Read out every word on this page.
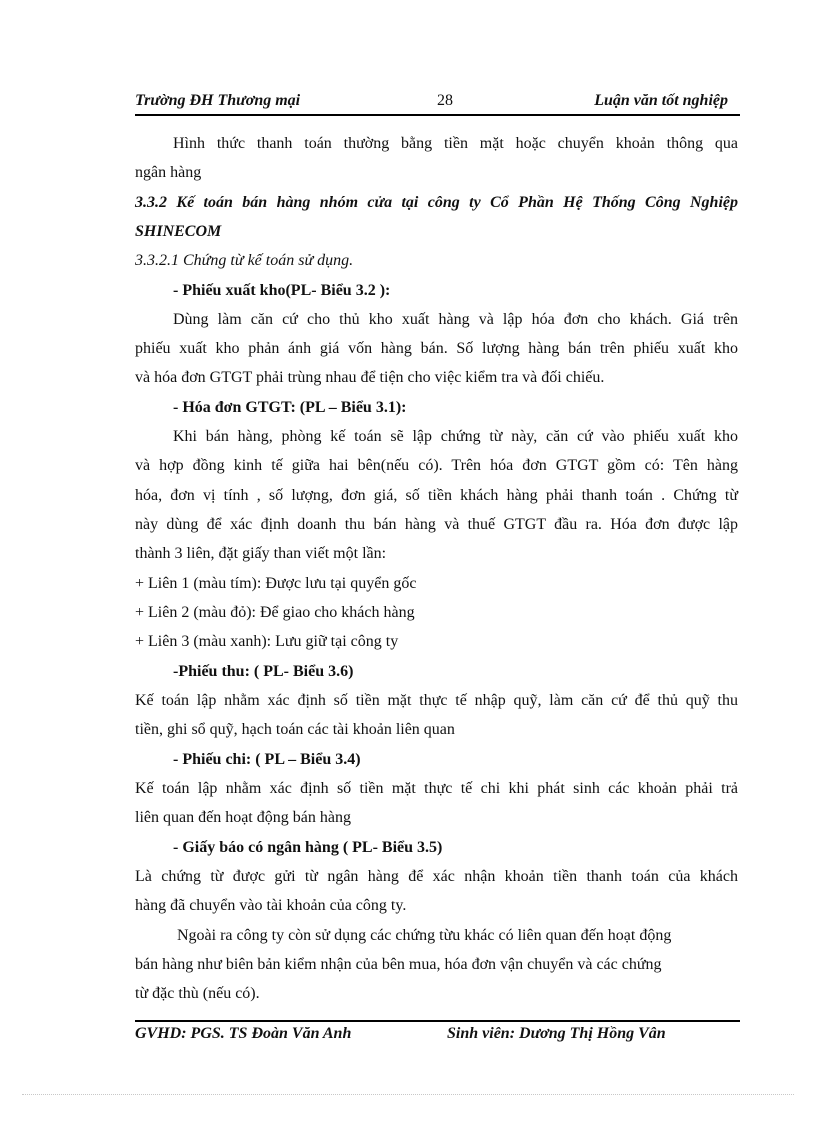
Trường ĐH Thương mại	28	Luận văn tốt nghiệp
Hình thức thanh toán thường bằng tiền mặt hoặc chuyển khoản thông qua
ngân hàng
3.3.2 Kế toán bán hàng nhóm cửa tại công ty Cổ Phần Hệ Thống Công Nghiệp
SHINECOM
3.3.2.1 Chứng từ kế toán sử dụng.
- Phiếu xuất kho(PL- Biểu 3.2 ):
Dùng làm căn cứ cho thủ kho xuất hàng và lập hóa đơn cho khách. Giá trên
phiếu xuất kho phản ánh giá vốn hàng bán. Số lượng hàng bán trên phiếu xuất kho
và hóa đơn GTGT phải trùng nhau để tiện cho việc kiểm tra và đối chiếu.
- Hóa đơn GTGT: (PL – Biểu 3.1):
Khi bán hàng, phòng kế toán sẽ lập chứng từ này, căn cứ vào phiếu xuất kho
và hợp đồng kinh tế giữa hai bên(nếu có). Trên hóa đơn GTGT gồm có: Tên hàng
hóa, đơn vị tính , số lượng, đơn giá, số tiền khách hàng phải thanh toán . Chứng từ
này dùng để xác định doanh thu bán hàng và thuế GTGT đầu ra. Hóa đơn được lập
thành 3 liên, đặt giấy than viết một lần:
+ Liên 1 (màu tím): Được lưu tại quyển gốc
+ Liên 2 (màu đỏ): Để giao cho khách hàng
+ Liên 3 (màu xanh): Lưu giữ tại công ty
-Phiếu thu: ( PL- Biểu 3.6)
Kế toán lập nhằm xác định số tiền mặt thực tế nhập quỹ, làm căn cứ để thủ quỹ thu
tiền, ghi sổ quỹ, hạch toán các tài khoản liên quan
- Phiếu chi: ( PL – Biểu 3.4)
Kế toán lập nhằm xác định số tiền mặt thực tế chi khi phát sinh các khoản phải trả
liên quan đến hoạt động bán hàng
- Giấy báo có ngân hàng ( PL- Biểu 3.5)
Là chứng từ được gửi từ ngân hàng để xác nhận khoản tiền thanh toán của khách
hàng đã chuyển vào tài khoản của công ty.
Ngoài ra công ty còn sử dụng các chứng từu khác có liên quan đến hoạt động
bán hàng như biên bản kiểm nhận của bên mua, hóa đơn vận chuyển và các chứng
từ đặc thù (nếu có).
GVHD: PGS. TS Đoàn Văn Anh	Sinh viên: Dương Thị Hồng Vân
